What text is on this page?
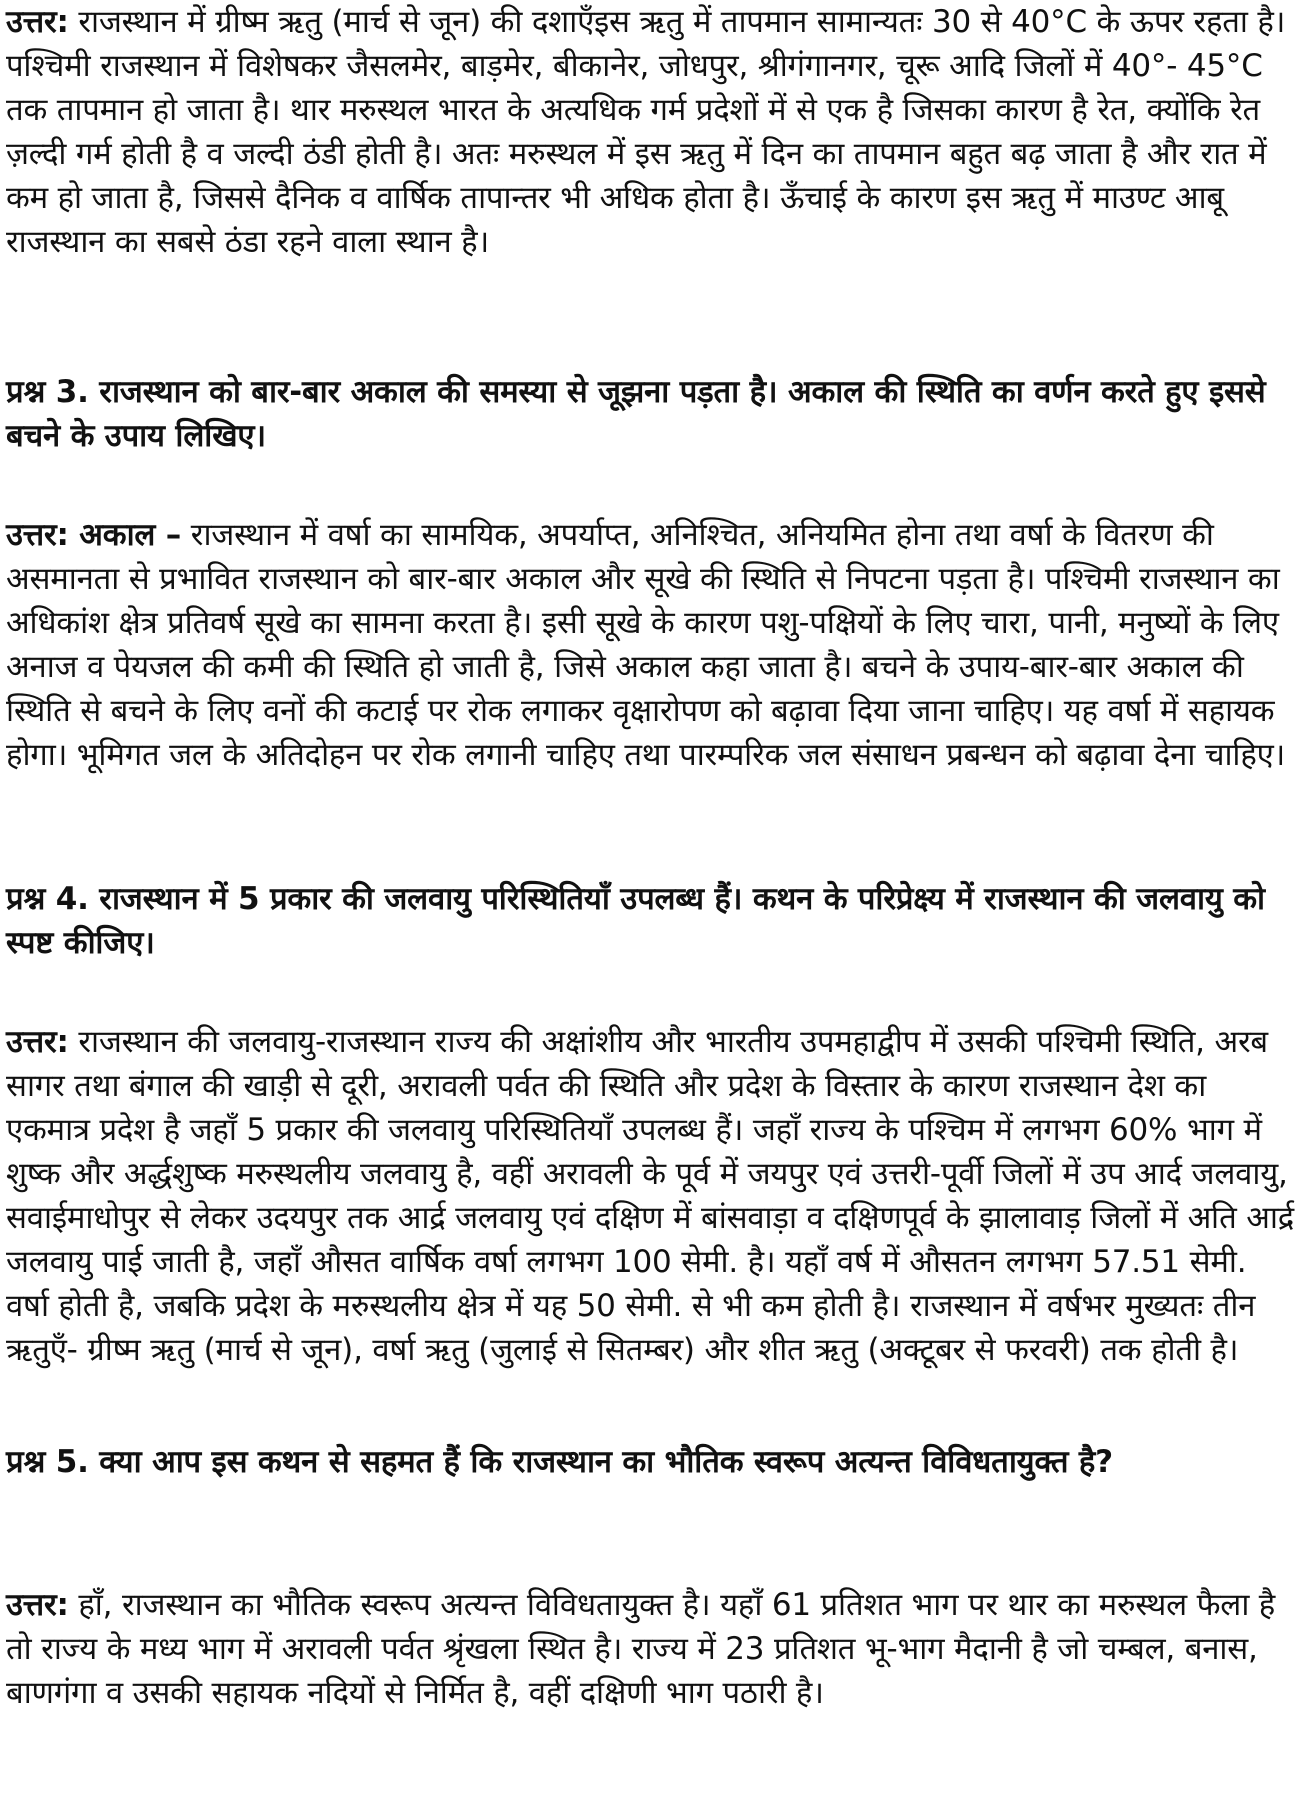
उत्तर: राजस्थान में ग्रीष्म ऋतु (मार्च से जून) की दशाएँइस ऋतु में तापमान सामान्यतः 30 से 40°C के ऊपर रहता है। पश्चिमी राजस्थान में विशेषकर जैसलमेर, बाड़मेर, बीकानेर, जोधपुर, श्रीगंगानगर, चूरू आदि जिलों में 40°- 45°C तक तापमान हो जाता है। थार मरुस्थल भारत के अत्यधिक गर्म प्रदेशों में से एक है जिसका कारण है रेत, क्योंकि रेत ज़ल्दी गर्म होती है व जल्दी ठंडी होती है। अतः मरुस्थल में इस ऋतु में दिन का तापमान बहुत बढ़ जाता है और रात में कम हो जाता है, जिससे दैनिक व वार्षिक तापान्तर भी अधिक होता है। ऊँचाई के कारण इस ऋतु में माउण्ट आबू राजस्थान का सबसे ठंडा रहने वाला स्थान है।

प्रश्न 3. राजस्थान को बार-बार अकाल की समस्या से जूझना पड़ता है। अकाल की स्थिति का वर्णन करते हुए इससे बचने के उपाय लिखिए।

उत्तर: अकाल – राजस्थान में वर्षा का सामयिक, अपर्याप्त, अनिश्चित, अनियमित होना तथा वर्षा के वितरण की असमानता से प्रभावित राजस्थान को बार-बार अकाल और सूखे की स्थिति से निपटना पड़ता है। पश्चिमी राजस्थान का अधिकांश क्षेत्र प्रतिवर्ष सूखे का सामना करता है। इसी सूखे के कारण पशु-पक्षियों के लिए चारा, पानी, मनुष्यों के लिए अनाज व पेयजल की कमी की स्थिति हो जाती है, जिसे अकाल कहा जाता है। बचने के उपाय-बार-बार अकाल की स्थिति से बचने के लिए वनों की कटाई पर रोक लगाकर वृक्षारोपण को बढ़ावा दिया जाना चाहिए। यह वर्षा में सहायक होगा। भूमिगत जल के अतिदोहन पर रोक लगानी चाहिए तथा पारम्परिक जल संसाधन प्रबन्धन को बढ़ावा देना चाहिए।

प्रश्न 4. राजस्थान में 5 प्रकार की जलवायु परिस्थितियाँ उपलब्ध हैं। कथन के परिप्रेक्ष्य में राजस्थान की जलवायु को स्पष्ट कीजिए।

उत्तर: राजस्थान की जलवायु-राजस्थान राज्य की अक्षांशीय और भारतीय उपमहाद्वीप में उसकी पश्चिमी स्थिति, अरब सागर तथा बंगाल की खाड़ी से दूरी, अरावली पर्वत की स्थिति और प्रदेश के विस्तार के कारण राजस्थान देश का एकमात्र प्रदेश है जहाँ 5 प्रकार की जलवायु परिस्थितियाँ उपलब्ध हैं। जहाँ राज्य के पश्चिम में लगभग 60% भाग में शुष्क और अर्द्धशुष्क मरुस्थलीय जलवायु है, वहीं अरावली के पूर्व में जयपुर एवं उत्तरी-पूर्वी जिलों में उप आर्द जलवायु, सवाईमाधोपुर से लेकर उदयपुर तक आर्द्र जलवायु एवं दक्षिण में बांसवाड़ा व दक्षिणपूर्व के झालावाड़ जिलों में अति आर्द्र जलवायु पाई जाती है, जहाँ औसत वार्षिक वर्षा लगभग 100 सेमी. है। यहाँ वर्ष में औसतन लगभग 57.51 सेमी. वर्षा होती है, जबकि प्रदेश के मरुस्थलीय क्षेत्र में यह 50 सेमी. से भी कम होती है। राजस्थान में वर्षभर मुख्यतः तीन ऋतुएँ- ग्रीष्म ऋतु (मार्च से जून), वर्षा ऋतु (जुलाई से सितम्बर) और शीत ऋतु (अक्टूबर से फरवरी) तक होती है।

प्रश्न 5. क्या आप इस कथन से सहमत हैं कि राजस्थान का भौतिक स्वरूप अत्यन्त विविधतायुक्त है?

उत्तर: हाँ, राजस्थान का भौतिक स्वरूप अत्यन्त विविधतायुक्त है। यहाँ 61 प्रतिशत भाग पर थार का मरुस्थल फैला है तो राज्य के मध्य भाग में अरावली पर्वत श्रृंखला स्थित है। राज्य में 23 प्रतिशत भू-भाग मैदानी है जो चम्बल, बनास, बाणगंगा व उसकी सहायक नदियों से निर्मित है, वहीं दक्षिणी भाग पठारी है।
